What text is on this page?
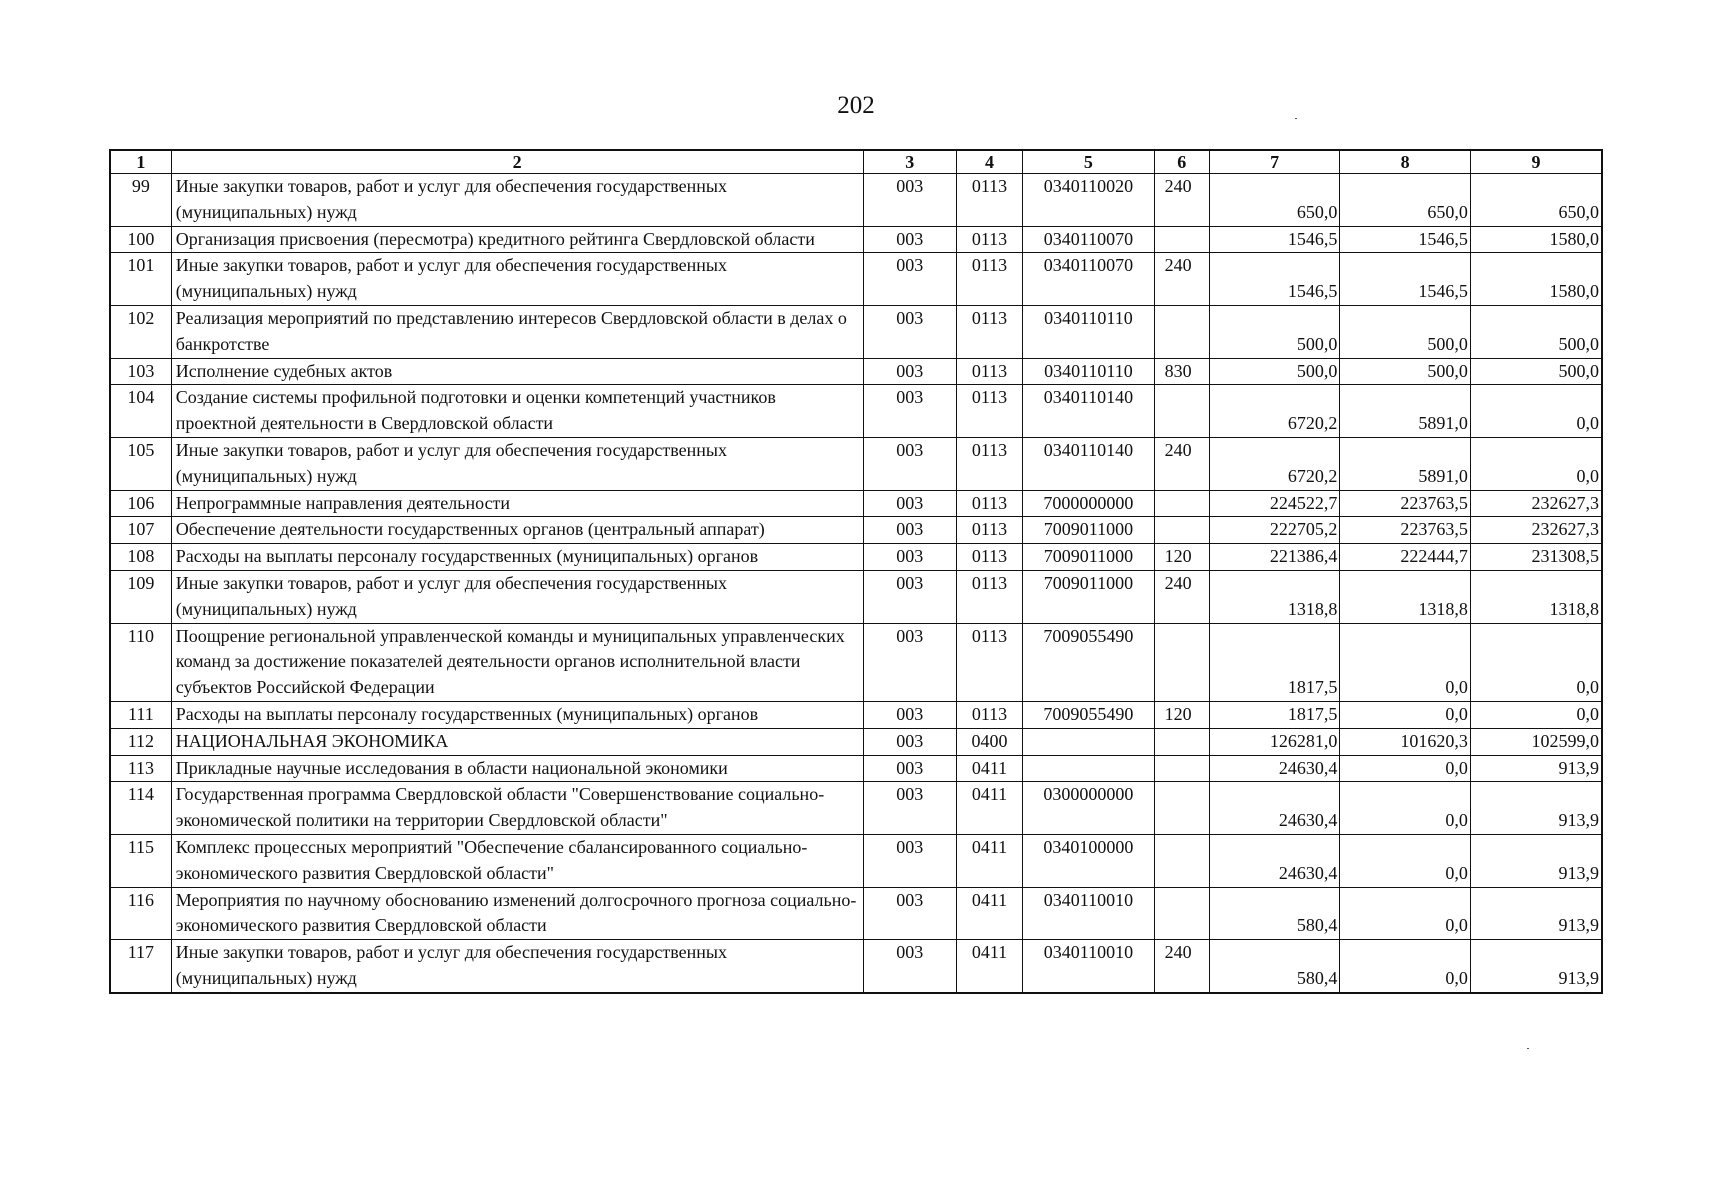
202
1	2	3	4	5	6	7	8	9
99	Иные закупки товаров, работ и услуг для обеспечения государственных (муниципальных) нужд	003	0113	0340110020	240	650,0	650,0	650,0
100	Организация присвоения (пересмотра) кредитного рейтинга Свердловской области	003	0113	0340110070		1546,5	1546,5	1580,0
101	Иные закупки товаров, работ и услуг для обеспечения государственных (муниципальных) нужд	003	0113	0340110070	240	1546,5	1546,5	1580,0
102	Реализация мероприятий по представлению интересов Свердловской области в делах о банкротстве	003	0113	0340110110		500,0	500,0	500,0
103	Исполнение судебных актов	003	0113	0340110110	830	500,0	500,0	500,0
104	Создание системы профильной подготовки и оценки компетенций участников проектной деятельности в Свердловской области	003	0113	0340110140		6720,2	5891,0	0,0
105	Иные закупки товаров, работ и услуг для обеспечения государственных (муниципальных) нужд	003	0113	0340110140	240	6720,2	5891,0	0,0
106	Непрограммные направления деятельности	003	0113	7000000000		224522,7	223763,5	232627,3
107	Обеспечение деятельности государственных органов (центральный аппарат)	003	0113	7009011000		222705,2	223763,5	232627,3
108	Расходы на выплаты персоналу государственных (муниципальных) органов	003	0113	7009011000	120	221386,4	222444,7	231308,5
109	Иные закупки товаров, работ и услуг для обеспечения государственных (муниципальных) нужд	003	0113	7009011000	240	1318,8	1318,8	1318,8
110	Поощрение региональной управленческой команды и муниципальных управленческих команд за достижение показателей деятельности органов исполнительной власти субъектов Российской Федерации	003	0113	7009055490		1817,5	0,0	0,0
111	Расходы на выплаты персоналу государственных (муниципальных) органов	003	0113	7009055490	120	1817,5	0,0	0,0
112	НАЦИОНАЛЬНАЯ ЭКОНОМИКА	003	0400			126281,0	101620,3	102599,0
113	Прикладные научные исследования в области национальной экономики	003	0411			24630,4	0,0	913,9
114	Государственная программа Свердловской области "Совершенствование социально-экономической политики на территории Свердловской области"	003	0411	0300000000		24630,4	0,0	913,9
115	Комплекс процессных мероприятий "Обеспечение сбалансированного социально-экономического развития Свердловской области"	003	0411	0340100000		24630,4	0,0	913,9
116	Мероприятия по научному обоснованию изменений долгосрочного прогноза социально-экономического развития Свердловской области	003	0411	0340110010		580,4	0,0	913,9
117	Иные закупки товаров, работ и услуг для обеспечения государственных (муниципальных) нужд	003	0411	0340110010	240	580,4	0,0	913,9
